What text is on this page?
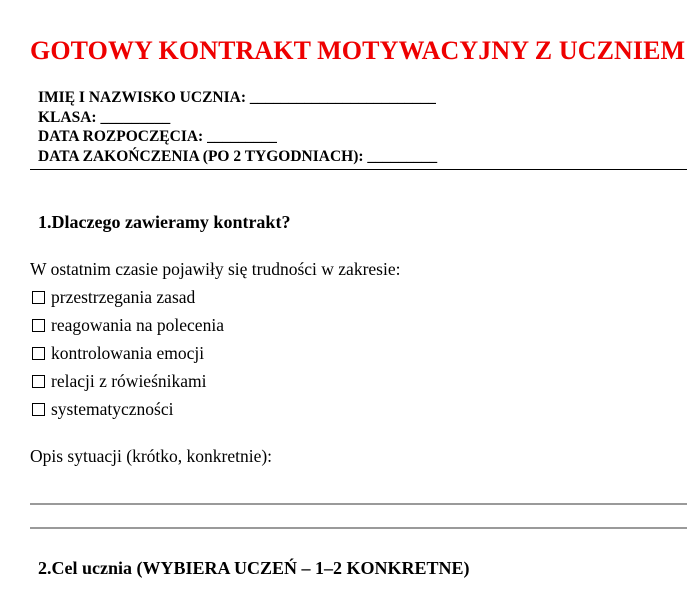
GOTOWY KONTRAKT MOTYWACYJNY Z UCZNIEM
IMIĘ I NAZWISKO UCZNIA: ________________________
KLASA: _________
DATA ROZPOCZĘCIA: _________
DATA ZAKOŃCZENIA (PO 2 TYGODNIACH): _________
1.Dlaczego zawieramy kontrakt?

W ostatnim czasie pojawiły się trudności w zakresie:

przestrzegania zasad
reagowania na polecenia
kontrolowania emocji
relacji z rówieśnikami
systematyczności

Opis sytuacji (krótko, konkretnie):

2.Cel ucznia (WYBIERA UCZEŃ – 1–2 KONKRETNE)
